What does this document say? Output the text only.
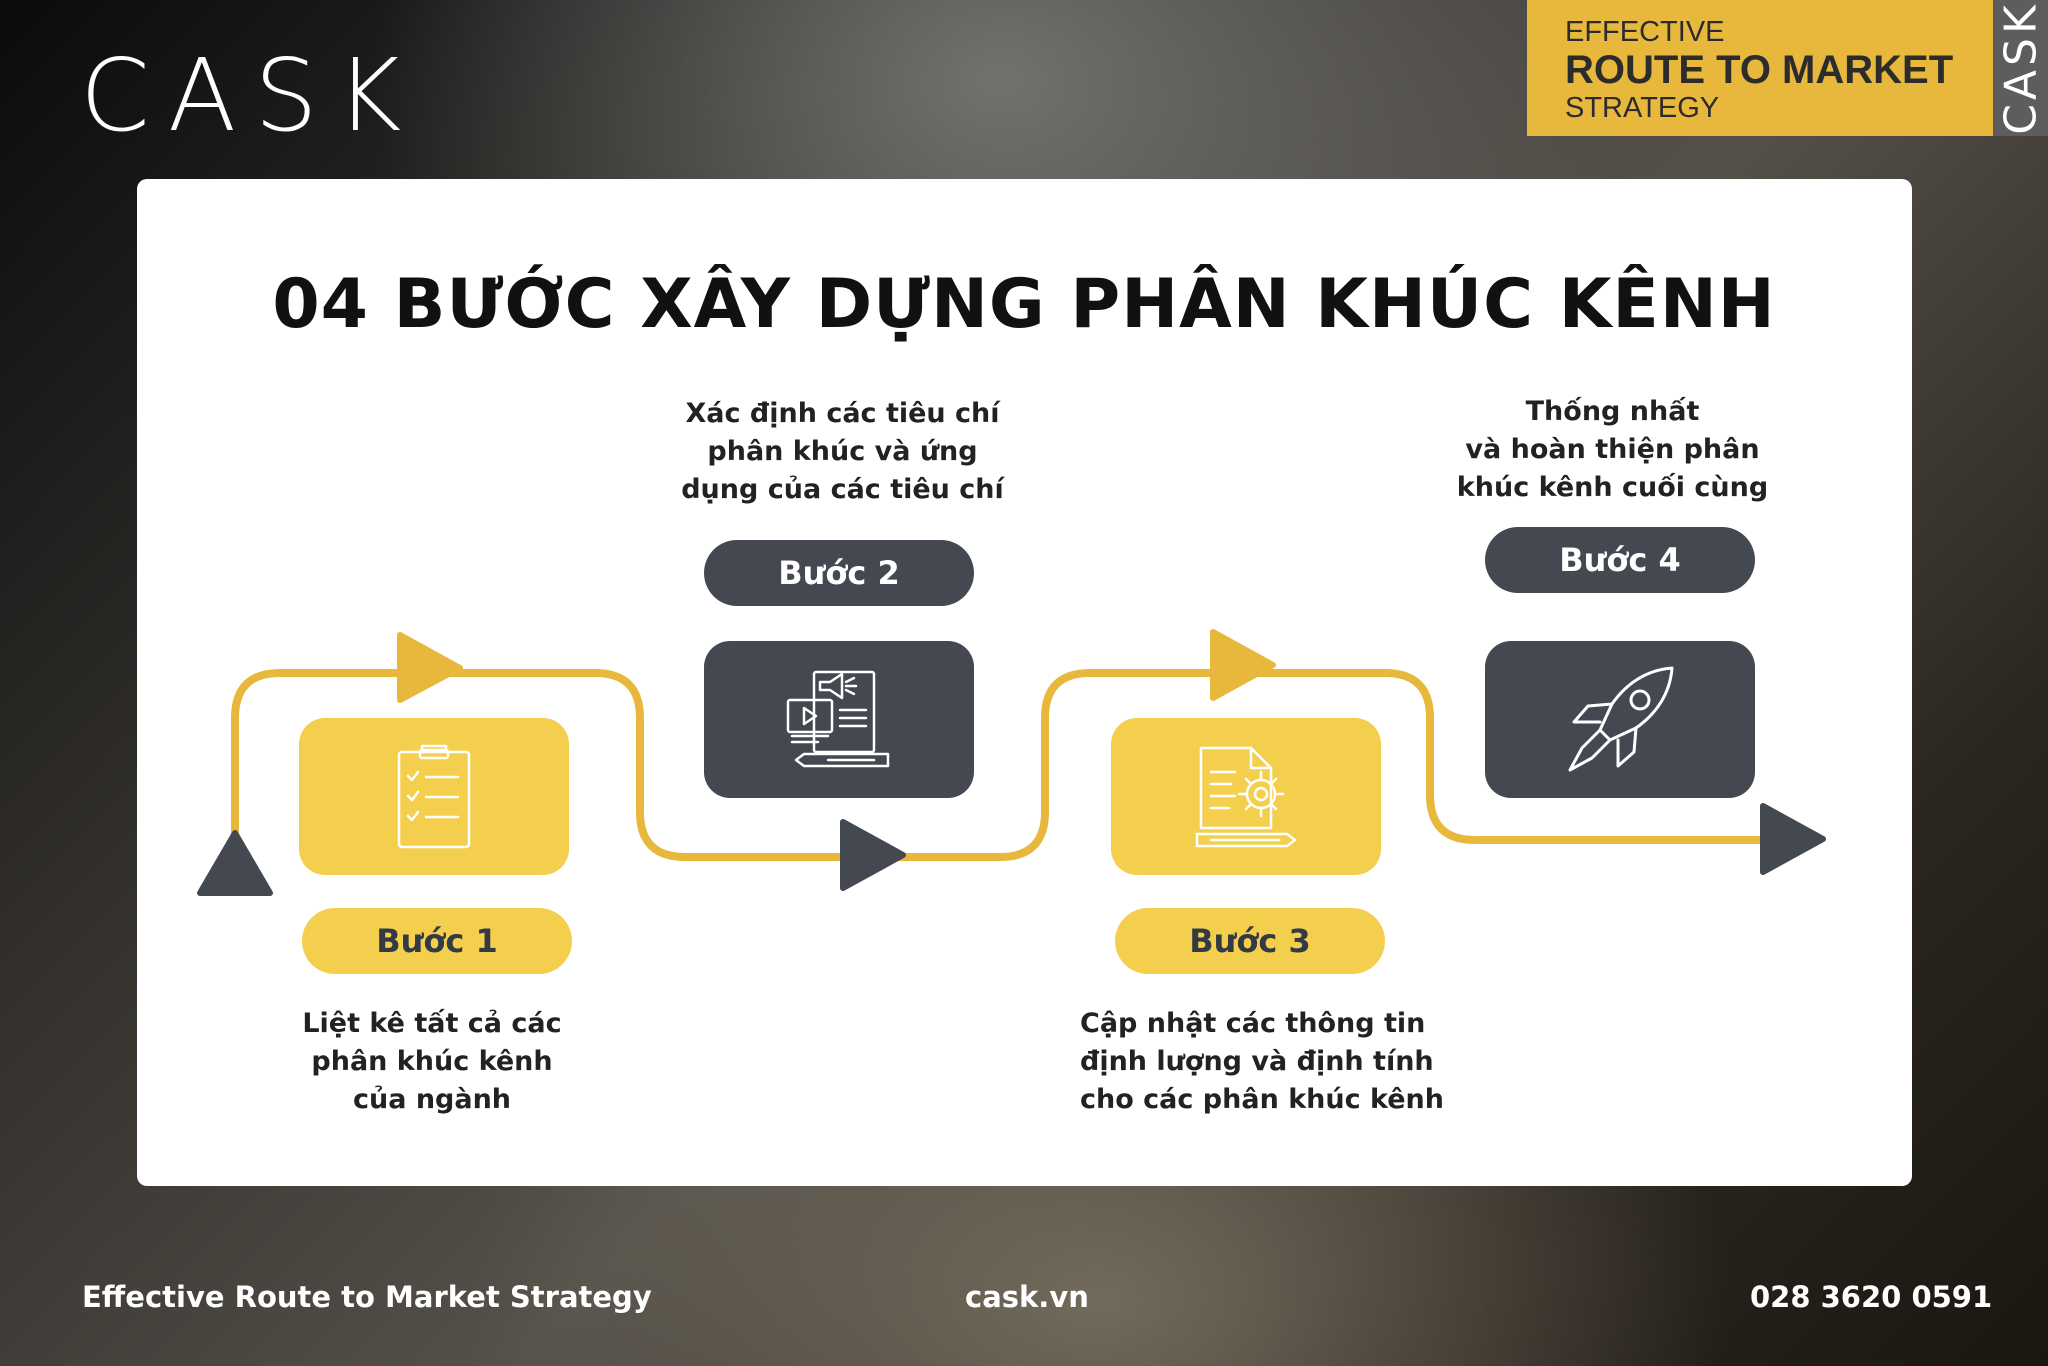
CASK
EFFECTIVE
ROUTE TO MARKET
STRATEGY	CASK
04 BƯỚC XÂY DỰNG PHÂN KHÚC KÊNH
Bước 1
Liệt kê tất cả các
phân khúc kênh
của ngành
Xác định các tiêu chí
phân khúc và ứng
dụng của các tiêu chí
Bước 2
Bước 3
Cập nhật các thông tin
định lượng và định tính
cho các phân khúc kênh
Thống nhất
và hoàn thiện phân
khúc kênh cuối cùng
Bước 4
Effective Route to Market Strategy	cask.vn	028 3620 0591
